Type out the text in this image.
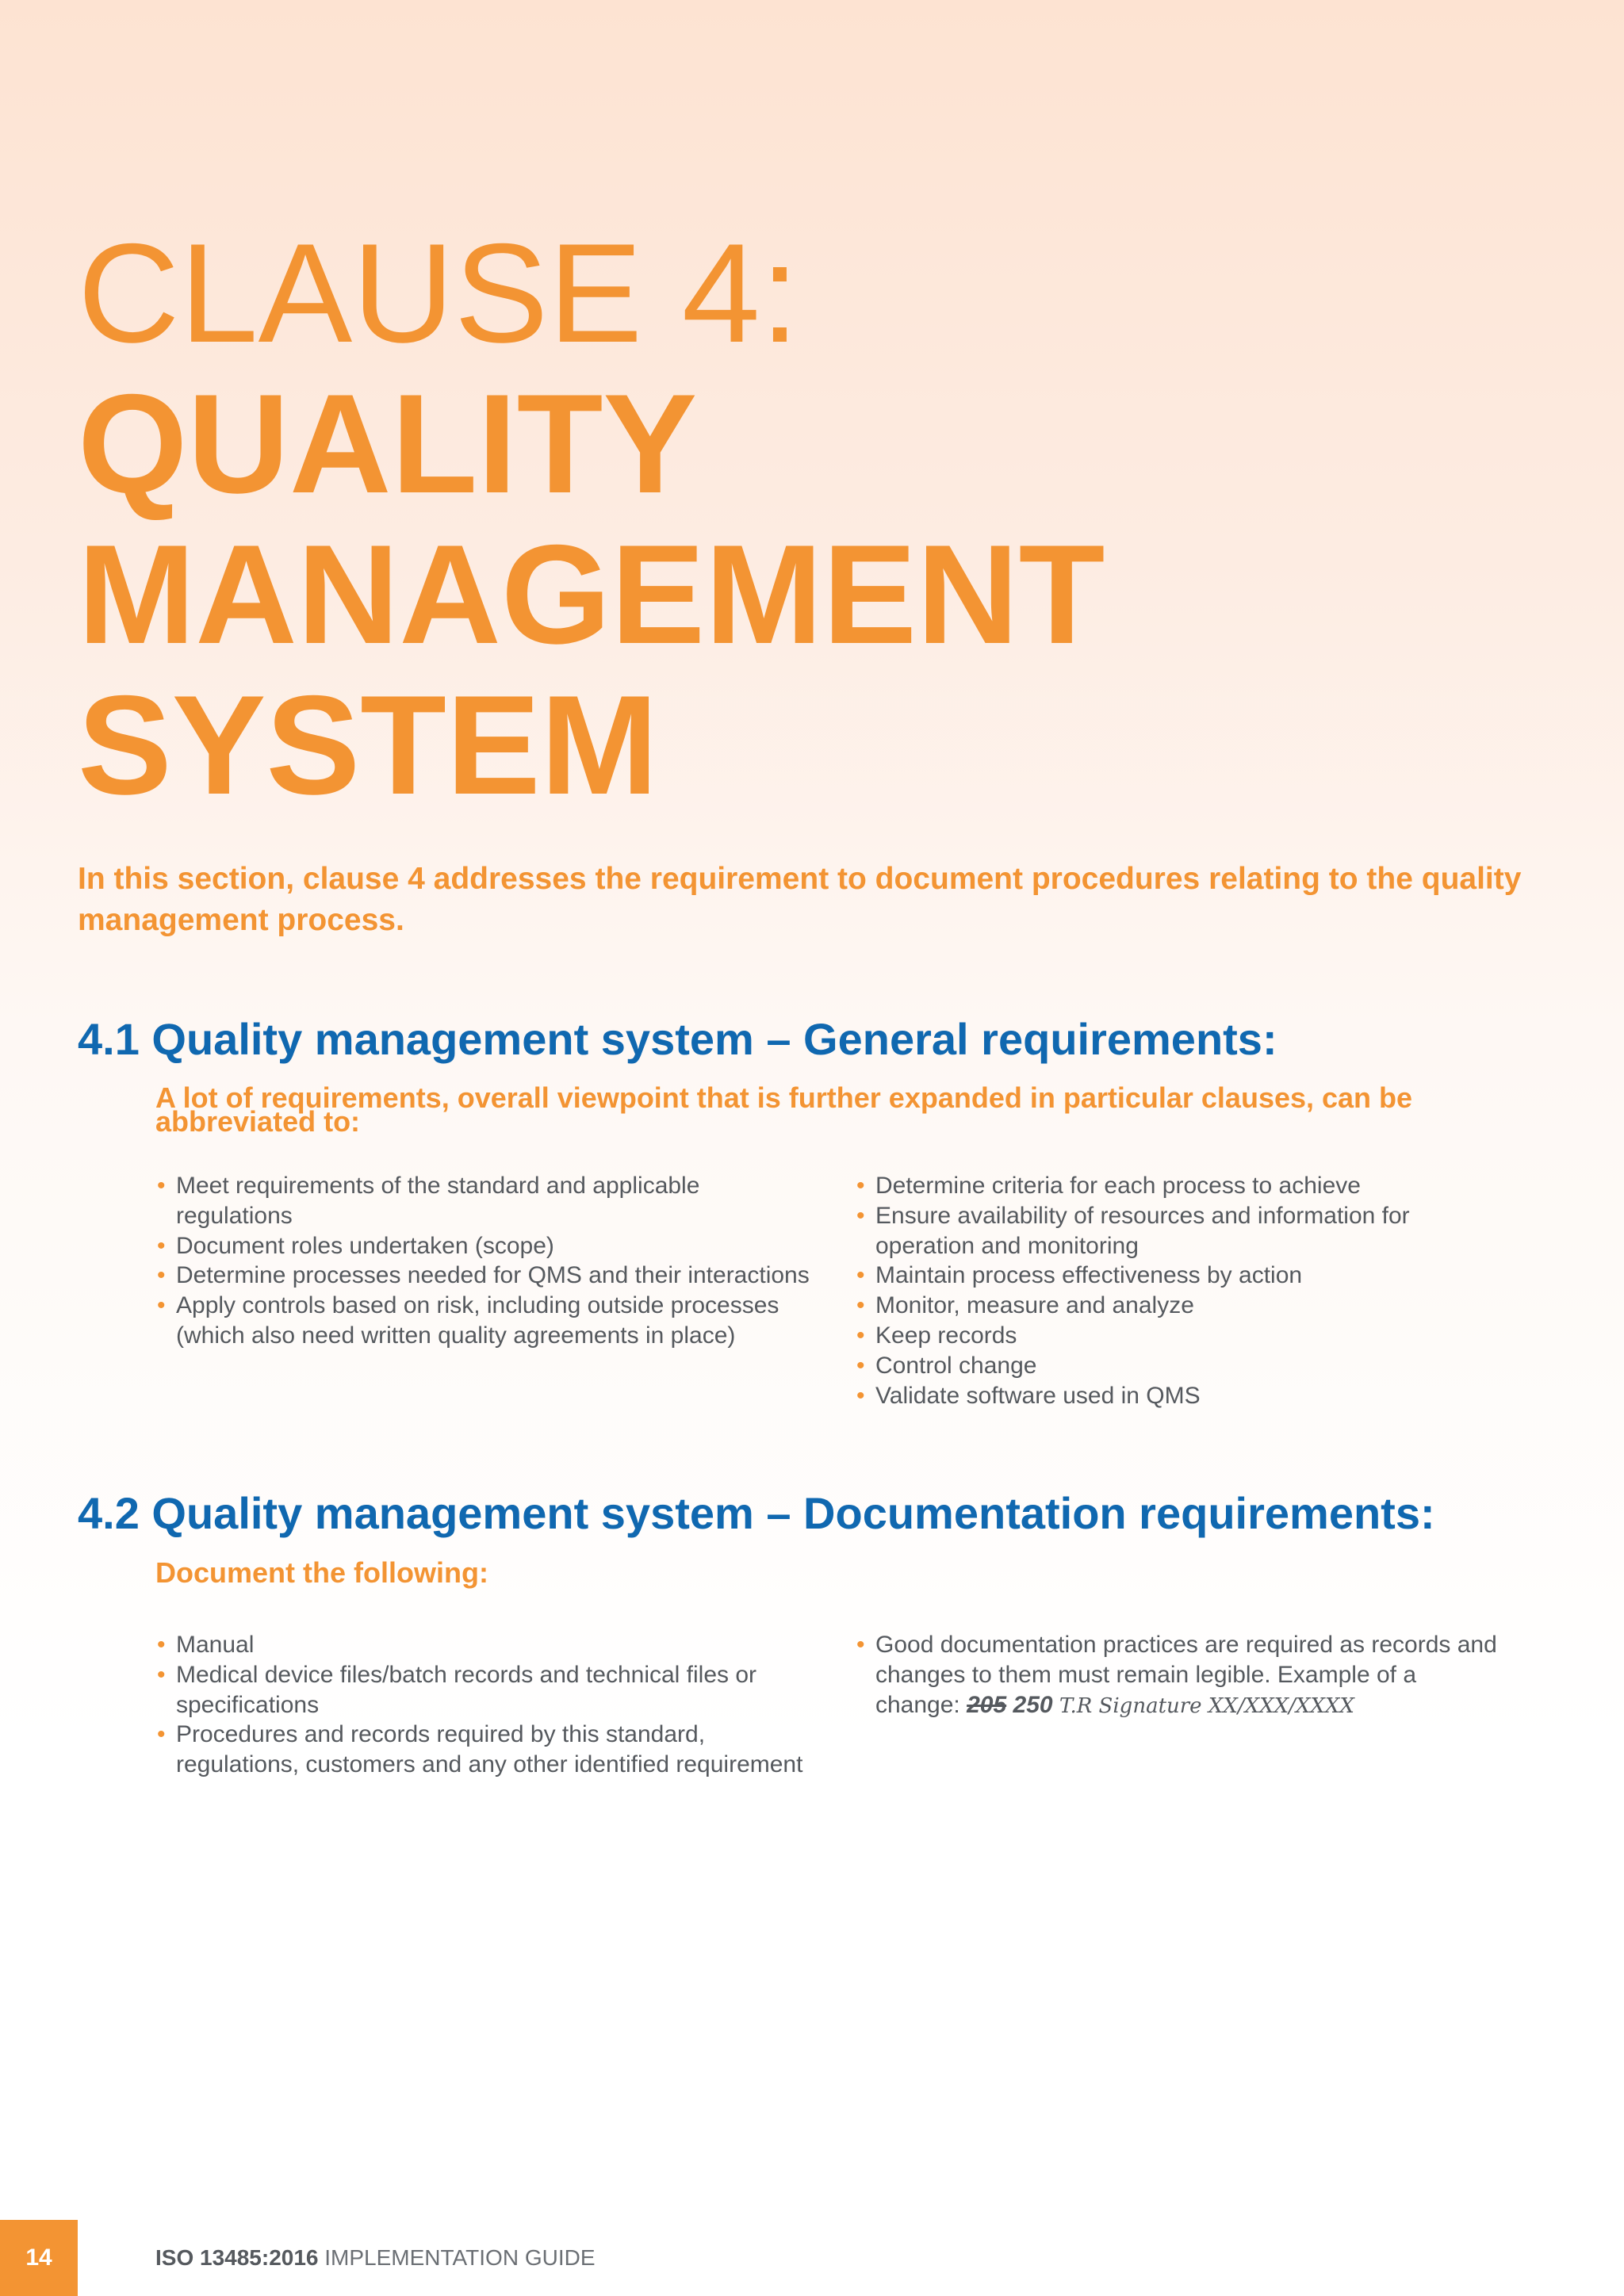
CLAUSE 4:
QUALITY
MANAGEMENT
SYSTEM

In this section, clause 4 addresses the requirement to document procedures relating to the quality management process.

4.1 Quality management system – General requirements:
A lot of requirements, overall viewpoint that is further expanded in particular clauses, can be abbreviated to:
• Meet requirements of the standard and applicable regulations
• Document roles undertaken (scope)
• Determine processes needed for QMS and their interactions
• Apply controls based on risk, including outside processes (which also need written quality agreements in place)
• Determine criteria for each process to achieve
• Ensure availability of resources and information for operation and monitoring
• Maintain process effectiveness by action
• Monitor, measure and analyze
• Keep records
• Control change
• Validate software used in QMS
4.2 Quality management system – Documentation requirements:
Document the following:
• Manual
• Medical device files/batch records and technical files or specifications
• Procedures and records required by this standard, regulations, customers and any other identified requirement
• Good documentation practices are required as records and changes to them must remain legible. Example of a change: 205 250 T.R Signature XX/XXX/XXXX
14	ISO 13485:2016 IMPLEMENTATION GUIDE
